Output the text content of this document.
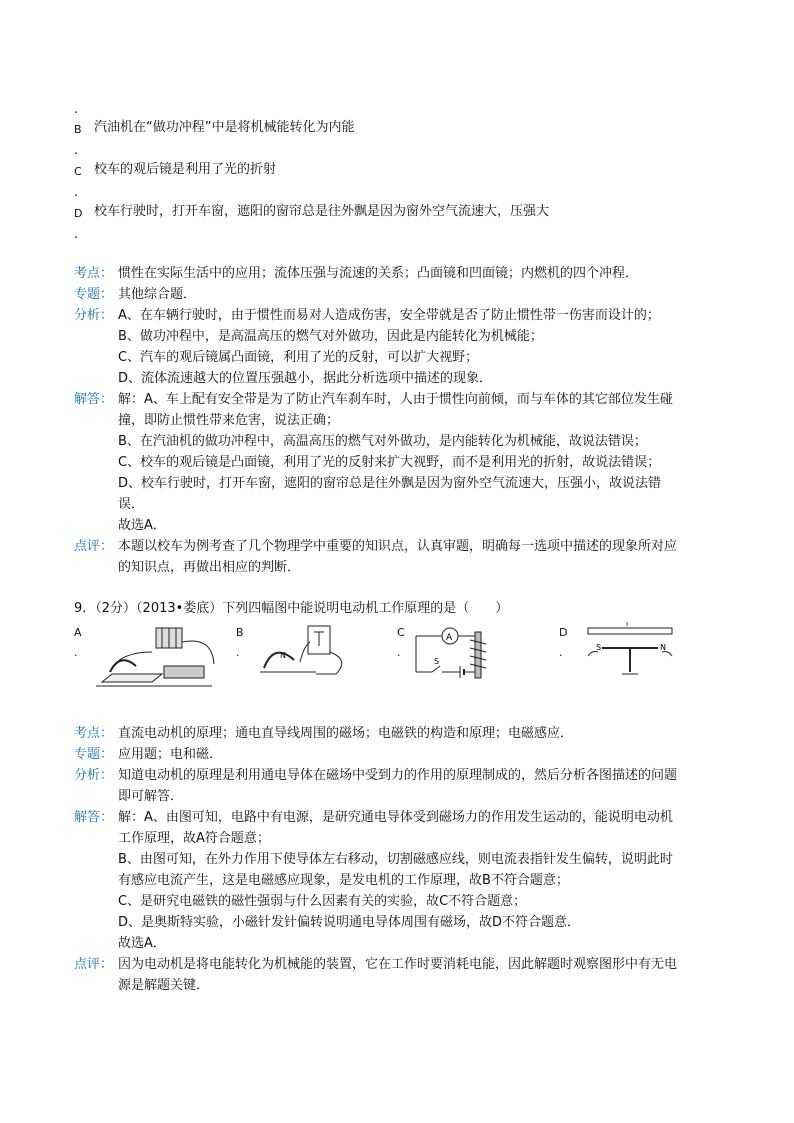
.
B 汽油机在“做功冲程”中是将机械能转化为内能
.
C 校车的观后镜是利用了光的折射
.
D 校车行驶时，打开车窗，遮阳的窗帘总是往外飘是因为窗外空气流速大，压强大
.
考点： 惯性在实际生活中的应用；流体压强与流速的关系；凸面镜和凹面镜；内燃机的四个冲程．
专题： 其他综合题．
分析： A、在车辆行驶时，由于惯性而易对人造成伤害，安全带就是否了防止惯性带一伤害而设计的；
B、做功冲程中，是高温高压的燃气对外做功，因此是内能转化为机械能；
C、汽车的观后镜属凸面镜，利用了光的反射，可以扩大视野；
D、流体流速越大的位置压强越小，据此分析选项中描述的现象．
解答： 解：A、车上配有安全带是为了防止汽车刹车时，人由于惯性向前倾，而与车体的其它部位发生碰
撞，即防止惯性带来危害，说法正确；
B、在汽油机的做功冲程中，高温高压的燃气对外做功，是内能转化为机械能，故说法错误；
C、校车的观后镜是凸面镜，利用了光的反射来扩大视野，而不是利用光的折射，故说法错误；
D、校车行驶时，打开车窗，遮阳的窗帘总是往外飘是因为窗外空气流速大，压强小，故说法错
误．
故选A．
点评： 本题以校车为例考查了几个物理学中重要的知识点，认真审题，明确每一选项中描述的现象所对应
的知识点，再做出相应的判断．
9．（2分）（2013•娄底）下列四幅图中能说明电动机工作原理的是（　　）
A
.
B
.
C
.
D
.
N
A
S
I
S	N
考点： 直流电动机的原理；通电直导线周围的磁场；电磁铁的构造和原理；电磁感应．
专题： 应用题；电和磁．
分析： 知道电动机的原理是利用通电导体在磁场中受到力的作用的原理制成的，然后分析各图描述的问题
即可解答．
解答： 解：A、由图可知，电路中有电源，是研究通电导体受到磁场力的作用发生运动的，能说明电动机
工作原理，故A符合题意；
B、由图可知，在外力作用下使导体左右移动，切割磁感应线，则电流表指针发生偏转，说明此时
有感应电流产生，这是电磁感应现象，是发电机的工作原理，故B不符合题意；
C、是研究电磁铁的磁性强弱与什么因素有关的实验，故C不符合题意；
D、是奥斯特实验，小磁针发针偏转说明通电导体周围有磁场，故D不符合题意．
故选A．
点评： 因为电动机是将电能转化为机械能的装置，它在工作时要消耗电能，因此解题时观察图形中有无电
源是解题关键．
